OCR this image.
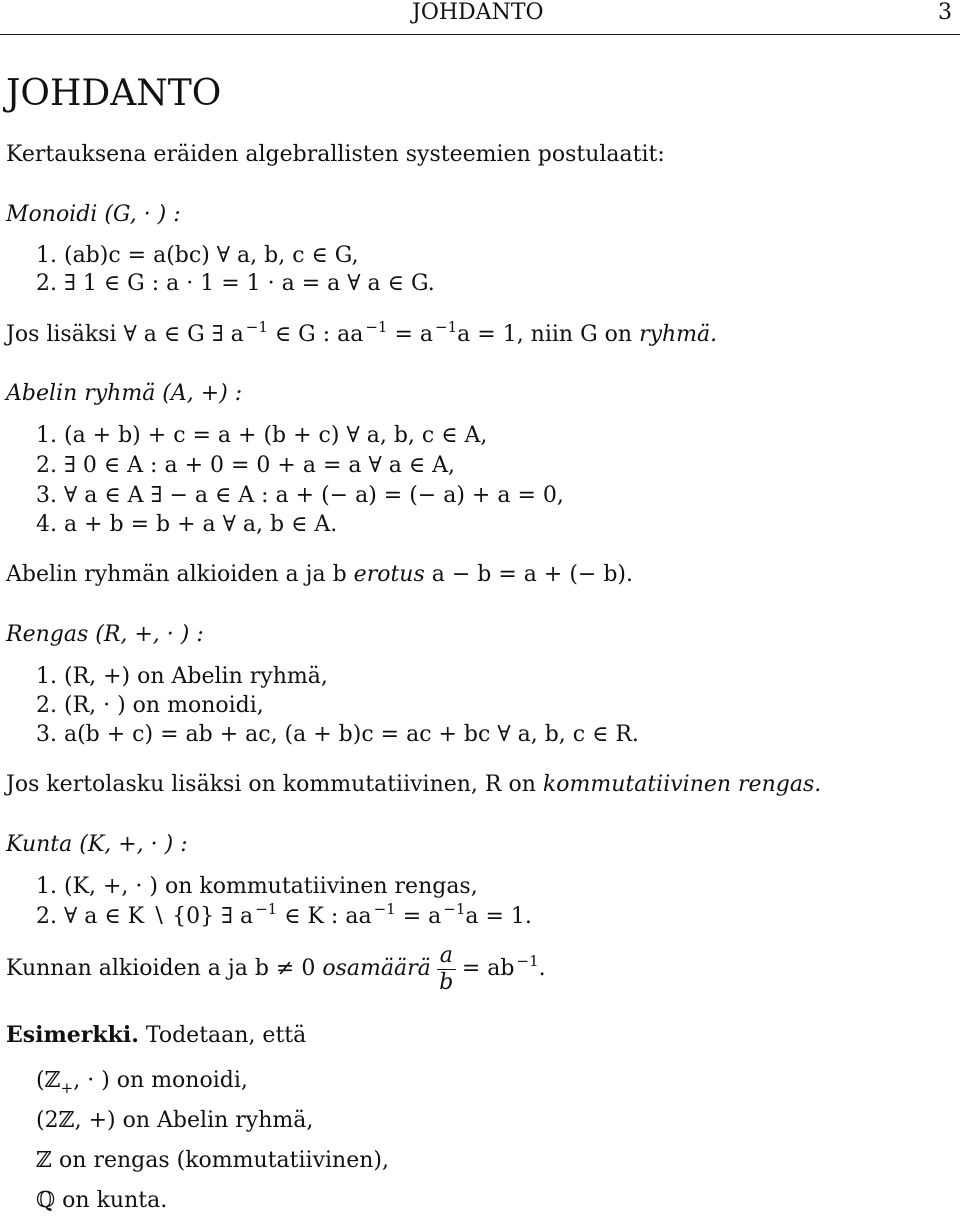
JOHDANTO	3
JOHDANTO
Kertauksena eräiden algebrallisten systeemien postulaatit:
Monoidi (G, · ) :
1. (ab)c = a(bc) ∀ a, b, c ∈ G,
2. ∃ 1 ∈ G : a · 1 = 1 · a = a ∀ a ∈ G.
Jos lisäksi ∀ a ∈ G ∃ a $^{-1}$ ∈ G : aa $^{-1}$ = a $^{-1}$a = 1, niin G on ryhmä.
Abelin ryhmä (A, +) :
1. (a + b) + c = a + (b + c) ∀ a, b, c ∈ A,
2. ∃ 0 ∈ A : a + 0 = 0 + a = a ∀ a ∈ A,
3. ∀ a ∈ A ∃ − a ∈ A : a + (− a) = (− a) + a = 0,
4. a + b = b + a ∀ a, b ∈ A.
Abelin ryhmän alkioiden a ja b erotus a − b = a + (− b).
Rengas (R, +, · ) :
1. (R, +) on Abelin ryhmä,
2. (R, · ) on monoidi,
3. a(b + c) = ab + ac, (a + b)c = ac + bc ∀ a, b, c ∈ R.
Jos kertolasku lisäksi on kommutatiivinen, R on kommutatiivinen rengas.
Kunta (K, +, · ) :
1. (K, +, · ) on kommutatiivinen rengas,
2. ∀ a ∈ K ∖ {0} ∃ a $^{-1}$ ∈ K : aa $^{-1}$ = a $^{-1}$a = 1.
Kunnan alkioiden a ja b ≠ 0 osamäärä $\frac{a}{b}$ = ab $^{-1}$.
Esimerkki. Todetaan, että
(ℤ$_+$, · ) on monoidi,
(2ℤ, +) on Abelin ryhmä,
ℤ on rengas (kommutatiivinen),
ℚ on kunta.
